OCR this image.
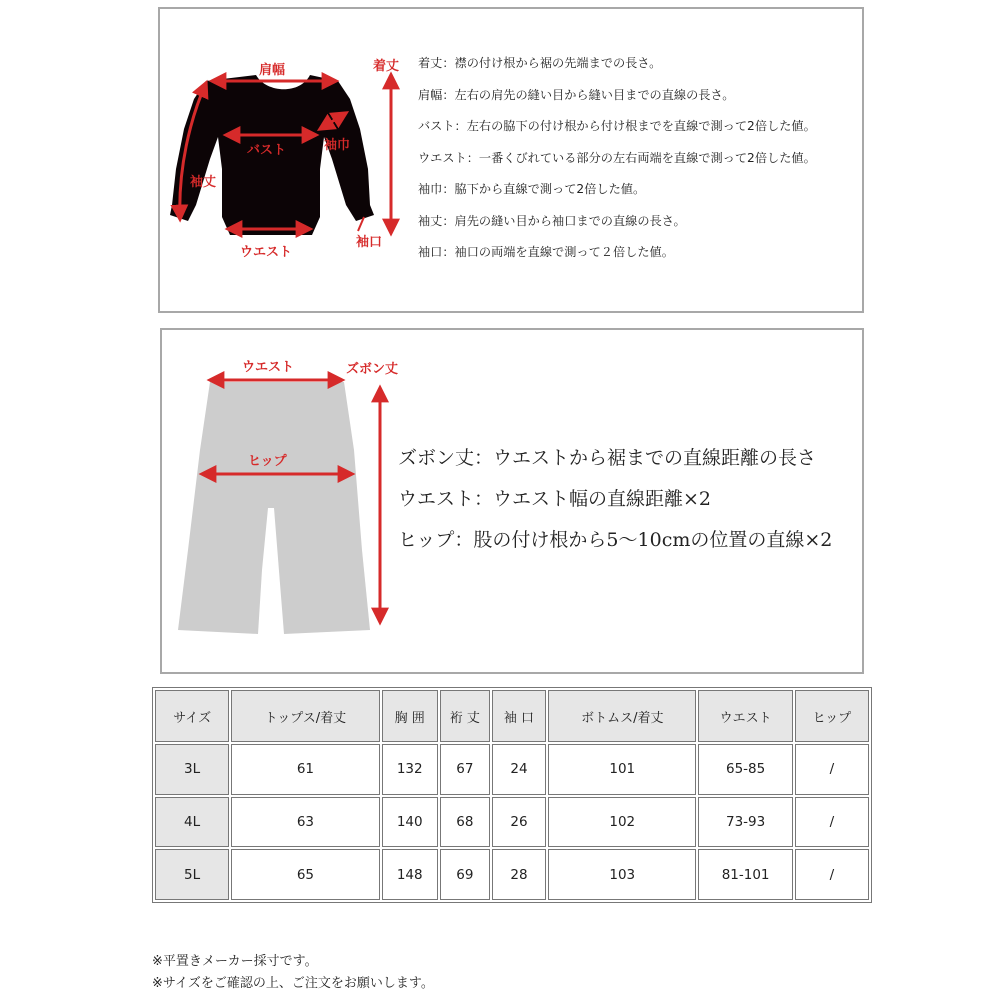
肩幅	着丈
バスト	袖巾
袖丈
袖口
ウエスト
着丈：襟の付け根から裾の先端までの長さ。
肩幅：左右の肩先の縫い目から縫い目までの直線の長さ。
バスト：左右の脇下の付け根から付け根までを直線で測って2倍した値。
ウエスト：一番くびれている部分の左右両端を直線で測って2倍した値。
袖巾：脇下から直線で測って2倍した値。
袖丈：肩先の縫い目から袖口までの直線の長さ。
袖口：袖口の両端を直線で測って２倍した値。
ウエスト	ズボン丈
ヒップ	ズボン丈：ウエストから裾までの直線距離の長さ
ウエスト：ウエスト幅の直線距離×2
ヒップ：股の付け根から5〜10cmの位置の直線×2
サイズ	トップス/着丈	胸 囲	裄 丈	袖 口	ボトムス/着丈	ウエスト	ヒップ
3L	61	132	67	24	101	65-85	/
4L	63	140	68	26	102	73-93	/
5L	65	148	69	28	103	81-101	/
※平置きメーカー採寸です。
※サイズをご確認の上、ご注文をお願いします。
